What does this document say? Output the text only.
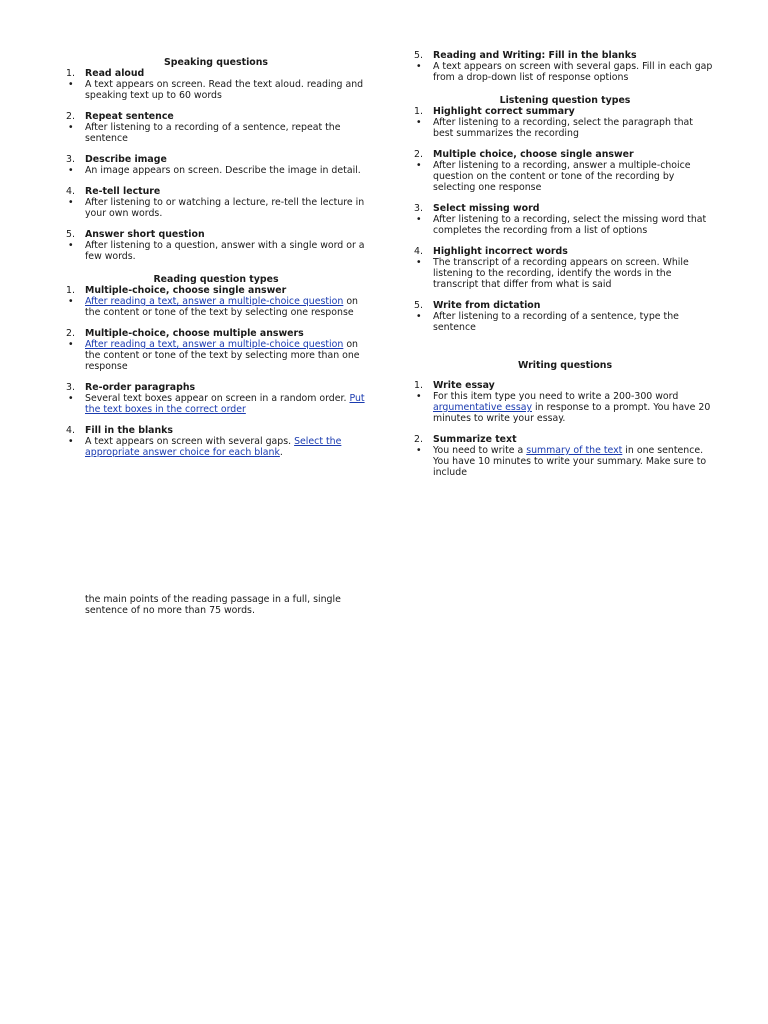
Speaking questions

1. Read aloud

• A text appears on screen. Read the text aloud. reading and speaking text up to 60 words

2. Repeat sentence

• After listening to a recording of a sentence, repeat the sentence

3. Describe image

• An image appears on screen. Describe the image in detail.

4. Re-tell lecture

• After listening to or watching a lecture, re-tell the lecture in your own words.

5. Answer short question

• After listening to a question, answer with a single word or a few words.

Reading question types

1. Multiple-choice, choose single answer

• After reading a text, answer a multiple-choice question on the content or tone of the text by selecting one response

2. Multiple-choice, choose multiple answers

• After reading a text, answer a multiple-choice question on the content or tone of the text by selecting more than one response

3. Re-order paragraphs

• Several text boxes appear on screen in a random order. Put the text boxes in the correct order

4. Fill in the blanks

• A text appears on screen with several gaps. Select the appropriate answer choice for each blank.

the main points of the reading passage in a full, single sentence of no more than 75 words.

5. Reading and Writing: Fill in the blanks

• A text appears on screen with several gaps. Fill in each gap from a drop-down list of response options

Listening question types

1. Highlight correct summary

• After listening to a recording, select the paragraph that best summarizes the recording

2. Multiple choice, choose single answer

• After listening to a recording, answer a multiple-choice question on the content or tone of the recording by selecting one response

3. Select missing word

• After listening to a recording, select the missing word that completes the recording from a list of options

4. Highlight incorrect words

• The transcript of a recording appears on screen. While listening to the recording, identify the words in the transcript that differ from what is said

5. Write from dictation

• After listening to a recording of a sentence, type the sentence

Writing questions

1. Write essay

• For this item type you need to write a 200-300 word argumentative essay in response to a prompt. You have 20 minutes to write your essay.

2. Summarize text

• You need to write a summary of the text in one sentence. You have 10 minutes to write your summary. Make sure to include
